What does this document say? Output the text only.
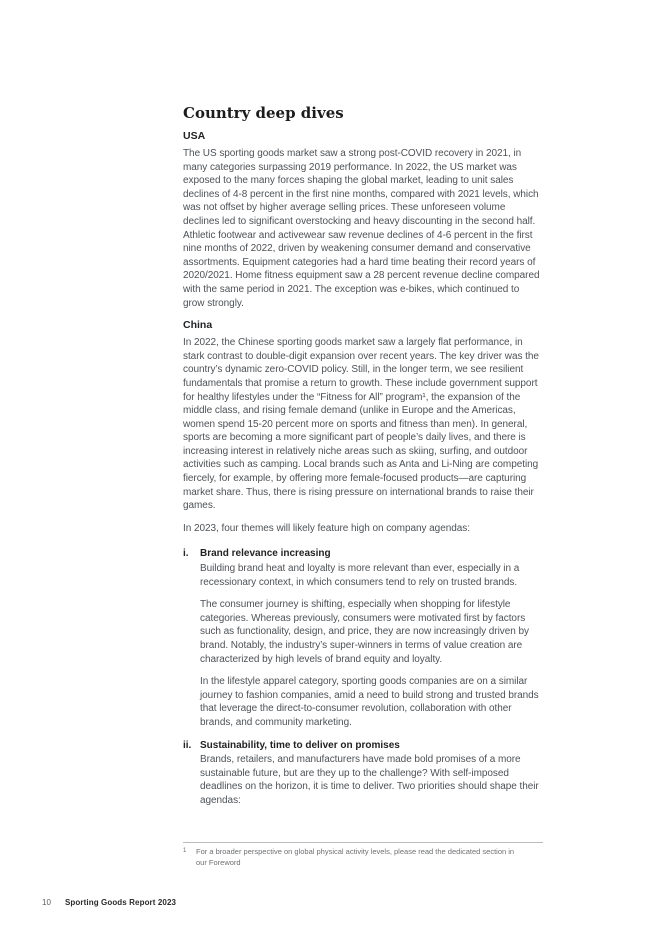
Country deep dives
USA

The US sporting goods market saw a strong post-COVID recovery in 2021, in many categories surpassing 2019 performance. In 2022, the US market was exposed to the many forces shaping the global market, leading to unit sales declines of 4-8 percent in the first nine months, compared with 2021 levels, which was not offset by higher average selling prices. These unforeseen volume declines led to significant overstocking and heavy discounting in the second half. Athletic footwear and activewear saw revenue declines of 4-6 percent in the first nine months of 2022, driven by weakening consumer demand and conservative assortments. Equipment categories had a hard time beating their record years of 2020/2021. Home fitness equipment saw a 28 percent revenue decline compared with the same period in 2021. The exception was e-bikes, which continued to grow strongly.

China

In 2022, the Chinese sporting goods market saw a largely flat performance, in stark contrast to double-digit expansion over recent years. The key driver was the country’s dynamic zero-COVID policy. Still, in the longer term, we see resilient fundamentals that promise a return to growth. These include government support for healthy lifestyles under the “Fitness for All” program¹, the expansion of the middle class, and rising female demand (unlike in Europe and the Americas, women spend 15-20 percent more on sports and fitness than men). In general, sports are becoming a more significant part of people’s daily lives, and there is increasing interest in relatively niche areas such as skiing, surfing, and outdoor activities such as camping. Local brands such as Anta and Li-Ning are competing fiercely, for example, by offering more female-focused products—are capturing market share. Thus, there is rising pressure on international brands to raise their games.

In 2023, four themes will likely feature high on company agendas:

i.	Brand relevance increasing

Building brand heat and loyalty is more relevant than ever, especially in a recessionary context, in which consumers tend to rely on trusted brands.

The consumer journey is shifting, especially when shopping for lifestyle categories. Whereas previously, consumers were motivated first by factors such as functionality, design, and price, they are now increasingly driven by brand. Notably, the industry’s super-winners in terms of value creation are characterized by high levels of brand equity and loyalty.

In the lifestyle apparel category, sporting goods companies are on a similar journey to fashion companies, amid a need to build strong and trusted brands that leverage the direct-to-consumer revolution, collaboration with other brands, and community marketing.

ii. Sustainability, time to deliver on promises

Brands, retailers, and manufacturers have made bold promises of a more sustainable future, but are they up to the challenge? With self-imposed deadlines on the horizon, it is time to deliver. Two priorities should shape their agendas:

1	For a broader perspective on global physical activity levels, please read the dedicated section in our Foreword
10	Sporting Goods Report 2023
